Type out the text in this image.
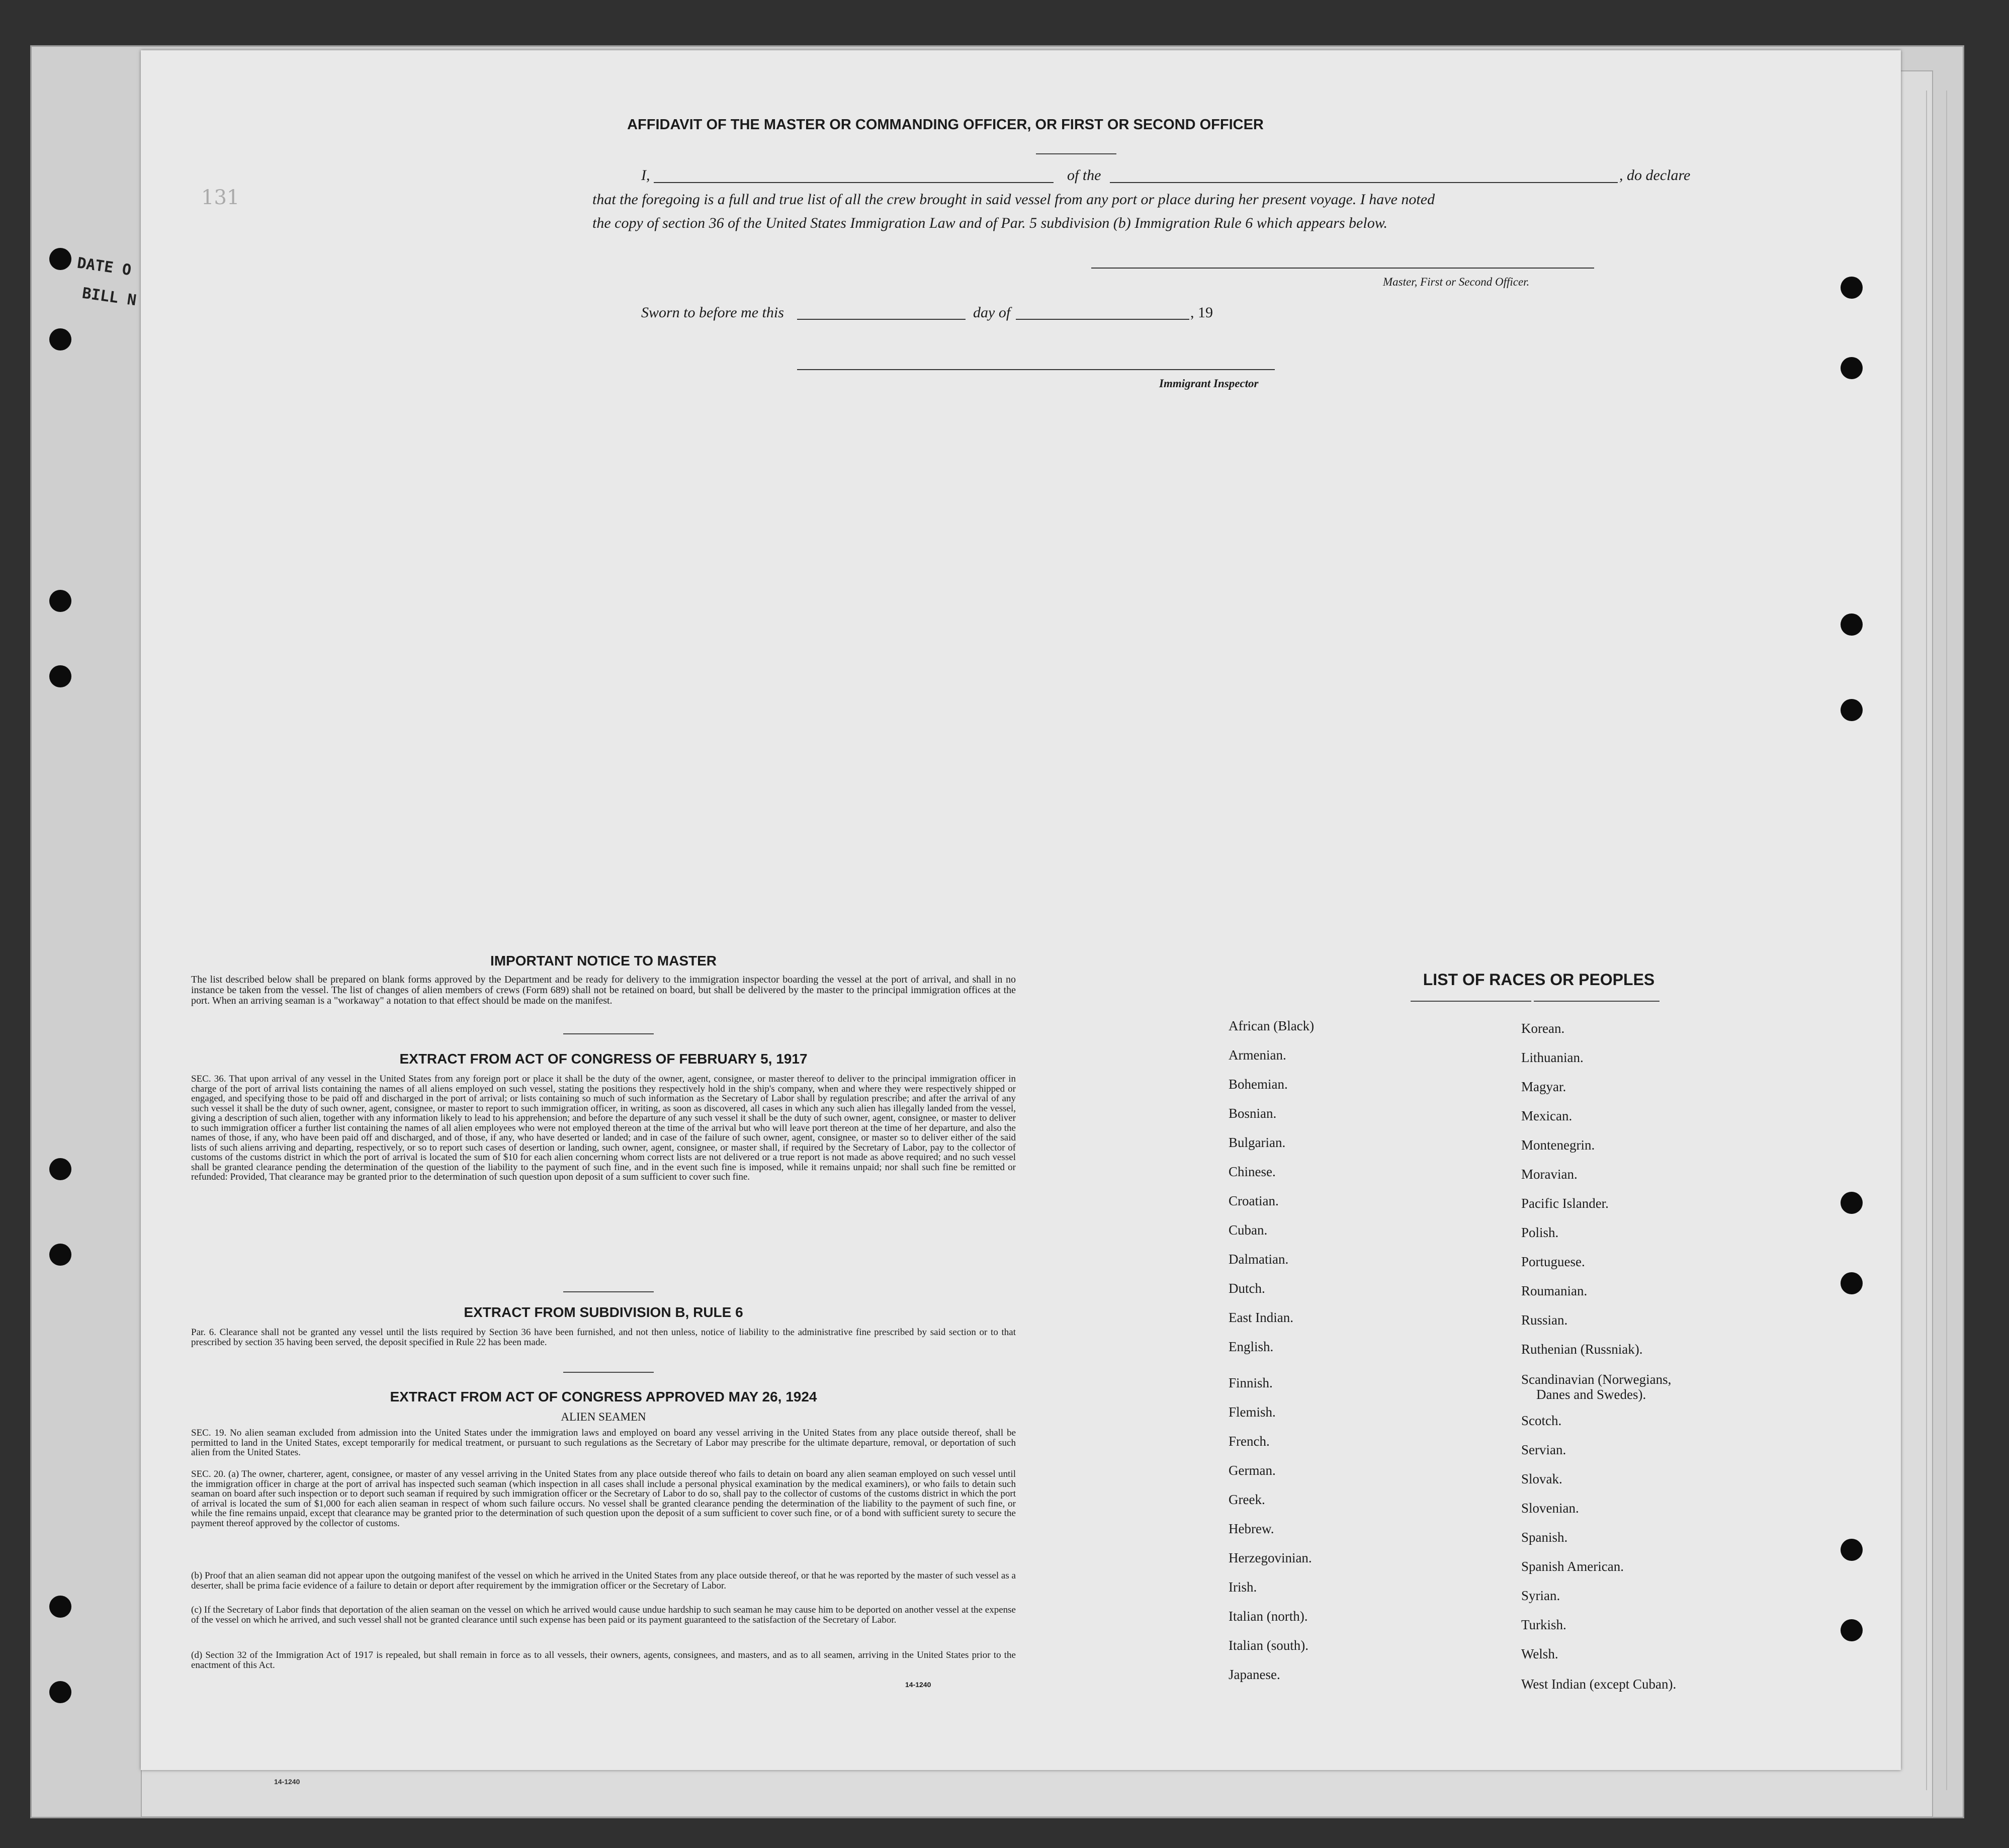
DATE O
BILL N
131
AFFIDAVIT OF THE MASTER OR COMMANDING OFFICER, OR FIRST OR SECOND OFFICER
I,	of the	, do declare
that the foregoing is a full and true list of all the crew brought in said vessel from any port or place during her present voyage. I have noted
the copy of section 36 of the United States Immigration Law and of Par. 5 subdivision (b) Immigration Rule 6 which appears below.
Master, First or Second Officer.
Sworn to before me this	day of	, 19
Immigrant Inspector
IMPORTANT NOTICE TO MASTER
The list described below shall be prepared on blank forms approved by the Department and be ready for delivery to the immigration inspector boarding the vessel at the port of arrival, and shall in no instance be taken from the vessel. The list of changes of alien members of crews (Form 689) shall not be retained on board, but shall be delivered by the master to the principal immigration offices at the port. When an arriving seaman is a "workaway" a notation to that effect should be made on the manifest.
EXTRACT FROM ACT OF CONGRESS OF FEBRUARY 5, 1917
SEC. 36. That upon arrival of any vessel in the United States from any foreign port or place it shall be the duty of the owner, agent, consignee, or master thereof to deliver to the principal immigration officer in charge of the port of arrival lists containing the names of all aliens employed on such vessel, stating the positions they respectively hold in the ship's company, when and where they were respectively shipped or engaged, and specifying those to be paid off and discharged in the port of arrival; or lists containing so much of such information as the Secretary of Labor shall by regulation prescribe; and after the arrival of any such vessel it shall be the duty of such owner, agent, consignee, or master to report to such immigration officer, in writing, as soon as discovered, all cases in which any such alien has illegally landed from the vessel, giving a description of such alien, together with any information likely to lead to his apprehension; and before the departure of any such vessel it shall be the duty of such owner, agent, consignee, or master to deliver to such immigration officer a further list containing the names of all alien employees who were not employed thereon at the time of the arrival but who will leave port thereon at the time of her departure, and also the names of those, if any, who have been paid off and discharged, and of those, if any, who have deserted or landed; and in case of the failure of such owner, agent, consignee, or master so to deliver either of the said lists of such aliens arriving and departing, respectively, or so to report such cases of desertion or landing, such owner, agent, consignee, or master shall, if required by the Secretary of Labor, pay to the collector of customs of the customs district in which the port of arrival is located the sum of $10 for each alien concerning whom correct lists are not delivered or a true report is not made as above required; and no such vessel shall be granted clearance pending the determination of the question of the liability to the payment of such fine, and in the event such fine is imposed, while it remains unpaid; nor shall such fine be remitted or refunded: Provided, That clearance may be granted prior to the determination of such question upon deposit of a sum sufficient to cover such fine.
EXTRACT FROM SUBDIVISION B, RULE 6
Par. 6. Clearance shall not be granted any vessel until the lists required by Section 36 have been furnished, and not then unless, notice of liability to the administrative fine prescribed by said section or to that prescribed by section 35 having been served, the deposit specified in Rule 22 has been made.
EXTRACT FROM ACT OF CONGRESS APPROVED MAY 26, 1924
ALIEN SEAMEN
SEC. 19. No alien seaman excluded from admission into the United States under the immigration laws and employed on board any vessel arriving in the United States from any place outside thereof, shall be permitted to land in the United States, except temporarily for medical treatment, or pursuant to such regulations as the Secretary of Labor may prescribe for the ultimate departure, removal, or deportation of such alien from the United States.
SEC. 20. (a) The owner, charterer, agent, consignee, or master of any vessel arriving in the United States from any place outside thereof who fails to detain on board any alien seaman employed on such vessel until the immigration officer in charge at the port of arrival has inspected such seaman (which inspection in all cases shall include a personal physical examination by the medical examiners), or who fails to detain such seaman on board after such inspection or to deport such seaman if required by such immigration officer or the Secretary of Labor to do so, shall pay to the collector of customs of the customs district in which the port of arrival is located the sum of $1,000 for each alien seaman in respect of whom such failure occurs. No vessel shall be granted clearance pending the determination of the liability to the payment of such fine, or while the fine remains unpaid, except that clearance may be granted prior to the determination of such question upon the deposit of a sum sufficient to cover such fine, or of a bond with sufficient surety to secure the payment thereof approved by the collector of customs.
(b) Proof that an alien seaman did not appear upon the outgoing manifest of the vessel on which he arrived in the United States from any place outside thereof, or that he was reported by the master of such vessel as a deserter, shall be prima facie evidence of a failure to detain or deport after requirement by the immigration officer or the Secretary of Labor.
(c) If the Secretary of Labor finds that deportation of the alien seaman on the vessel on which he arrived would cause undue hardship to such seaman he may cause him to be deported on another vessel at the expense of the vessel on which he arrived, and such vessel shall not be granted clearance until such expense has been paid or its payment guaranteed to the satisfaction of the Secretary of Labor.
(d) Section 32 of the Immigration Act of 1917 is repealed, but shall remain in force as to all vessels, their owners, agents, consignees, and masters, and as to all seamen, arriving in the United States prior to the enactment of this Act.
14-1240
LIST OF RACES OR PEOPLES
African (Black)
Armenian.
Bohemian.
Bosnian.
Bulgarian.
Chinese.
Croatian.
Cuban.
Dalmatian.
Dutch.
East Indian.
English.
Finnish.
Flemish.
French.
German.
Greek.
Hebrew.
Herzegovinian.
Irish.
Italian (north).
Italian (south).
Japanese.
Korean.
Lithuanian.
Magyar.
Mexican.
Montenegrin.
Moravian.
Pacific Islander.
Polish.
Portuguese.
Roumanian.
Russian.
Ruthenian (Russniak).
Scandinavian (Norwegians,
Danes and Swedes).
Scotch.
Servian.
Slovak.
Slovenian.
Spanish.
Spanish American.
Syrian.
Turkish.
Welsh.
West Indian (except Cuban).
14-1240
